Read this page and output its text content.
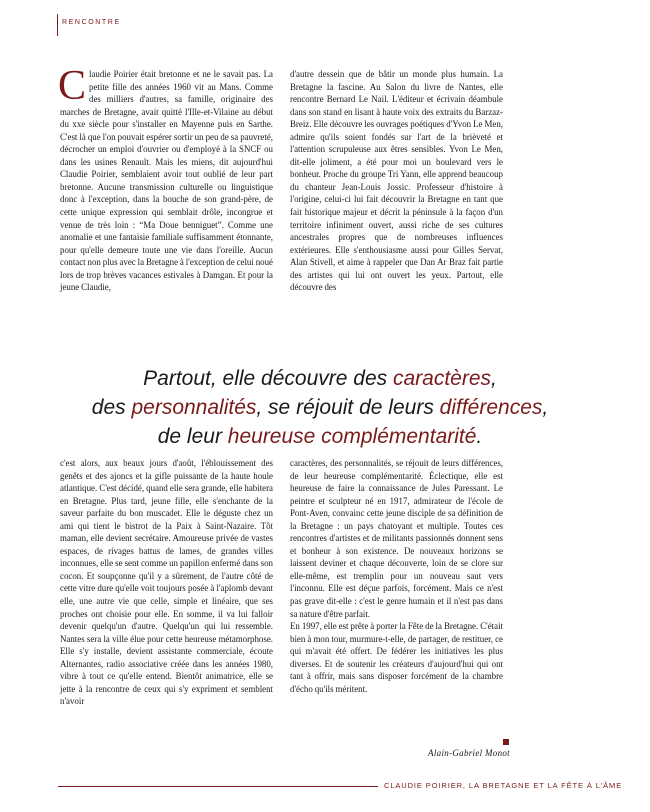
RENCONTRE

Claudie Poirier était bretonne et ne le savait pas. La petite fille des années 1960 vit au Mans. Comme des milliers d'autres, sa famille, originaire des marches de Bretagne, avait quitté l'Ille-et-Vilaine au début du xxe siècle pour s'installer en Mayenne puis en Sarthe. C'est là que l'on pouvait espérer sortir un peu de sa pauvreté, décrocher un emploi d'ouvrier ou d'employé à la SNCF ou dans les usines Renault. Mais les miens, dit aujourd'hui Claudie Poirier, semblaient avoir tout oublié de leur part bretonne. Aucune transmission culturelle ou linguistique donc à l'exception, dans la bouche de son grand-père, de cette unique expression qui semblait drôle, incongrue et venue de très loin : “Ma Doue benniguet”. Comme une anomalie et une fantaisie familiale suffisamment étonnante, pour qu'elle demeure toute une vie dans l'oreille. Aucun contact non plus avec la Bretagne à l'exception de celui noué lors de trop brèves vacances estivales à Damgan. Et pour la jeune Claudie,

d'autre dessein que de bâtir un monde plus humain. La Bretagne la fascine. Au Salon du livre de Nantes, elle rencontre Bernard Le Nail. L'éditeur et écrivain déambule dans son stand en lisant à haute voix des extraits du Barzaz-Breiz. Elle découvre les ouvrages poétiques d'Yvon Le Men, admire qu'ils soient fondés sur l'art de la brièveté et l'attention scrupuleuse aux êtres sensibles. Yvon Le Men, dit-elle joliment, a été pour moi un boulevard vers le bonheur. Proche du groupe Tri Yann, elle apprend beaucoup du chanteur Jean-Louis Jossic. Professeur d'histoire à l'origine, celui-ci lui fait découvrir la Bretagne en tant que fait historique majeur et décrit la péninsule à la façon d'un territoire infiniment ouvert, aussi riche de ses cultures ancestrales propres que de nombreuses influences extérieures. Elle s'enthousiasme aussi pour Gilles Servat, Alan Stivell, et aime à rappeler que Dan Ar Braz fait partie des artistes qui lui ont ouvert les yeux. Partout, elle découvre des

Partout, elle découvre des caractères,
des personnalités, se réjouit de leurs différences,
de leur heureuse complémentarité.

c'est alors, aux beaux jours d'août, l'éblouissement des genêts et des ajoncs et la gifle puissante de la haute houle atlantique. C'est décidé, quand elle sera grande, elle habitera en Bretagne. Plus tard, jeune fille, elle s'enchante de la saveur parfaite du bon muscadet. Elle le déguste chez un ami qui tient le bistrot de la Paix à Saint-Nazaire. Tôt maman, elle devient secrétaire. Amoureuse privée de vastes espaces, de rivages battus de lames, de grandes villes inconnues, elle se sent comme un papillon enfermé dans son cocon. Et soupçonne qu'il y a sûrement, de l'autre côté de cette vitre dure qu'elle voit toujours posée à l'aplomb devant elle, une autre vie que celle, simple et linéaire, que ses proches ont choisie pour elle. En somme, il va lui falloir devenir quelqu'un d'autre. Quelqu'un qui lui ressemble. Nantes sera la ville élue pour cette heureuse métamorphose. Elle s'y installe, devient assistante commerciale, écoute Alternantes, radio associative créée dans les années 1980, vibre à tout ce qu'elle entend. Bientôt animatrice, elle se jette à la rencontre de ceux qui s'y expriment et semblent n'avoir

caractères, des personnalités, se réjouit de leurs différences, de leur heureuse complémentarité. Éclectique, elle est heureuse de faire la connaissance de Jules Paressant. Le peintre et sculpteur né en 1917, admirateur de l'école de Pont-Aven, convainc cette jeune disciple de sa définition de la Bretagne : un pays chatoyant et multiple. Toutes ces rencontres d'artistes et de militants passionnés donnent sens et bonheur à son existence. De nouveaux horizons se laissent deviner et chaque découverte, loin de se clore sur elle-même, est tremplin pour un nouveau saut vers l'inconnu. Elle est déçue parfois, forcément. Mais ce n'est pas grave dit-elle : c'est le genre humain et il n'est pas dans sa nature d'être parfait.

En 1997, elle est prête à porter la Fête de la Bretagne. C'était bien à mon tour, murmure-t-elle, de partager, de restituer, ce qui m'avait été offert. De fédérer les initiatives les plus diverses. Et de soutenir les créateurs d'aujourd'hui qui ont tant à offrir, mais sans disposer forcément de la chambre d'écho qu'ils méritent.

Alain-Gabriel Monot
CLAUDIE POIRIER, LA BRETAGNE ET LA FÊTE À L'ÂME
